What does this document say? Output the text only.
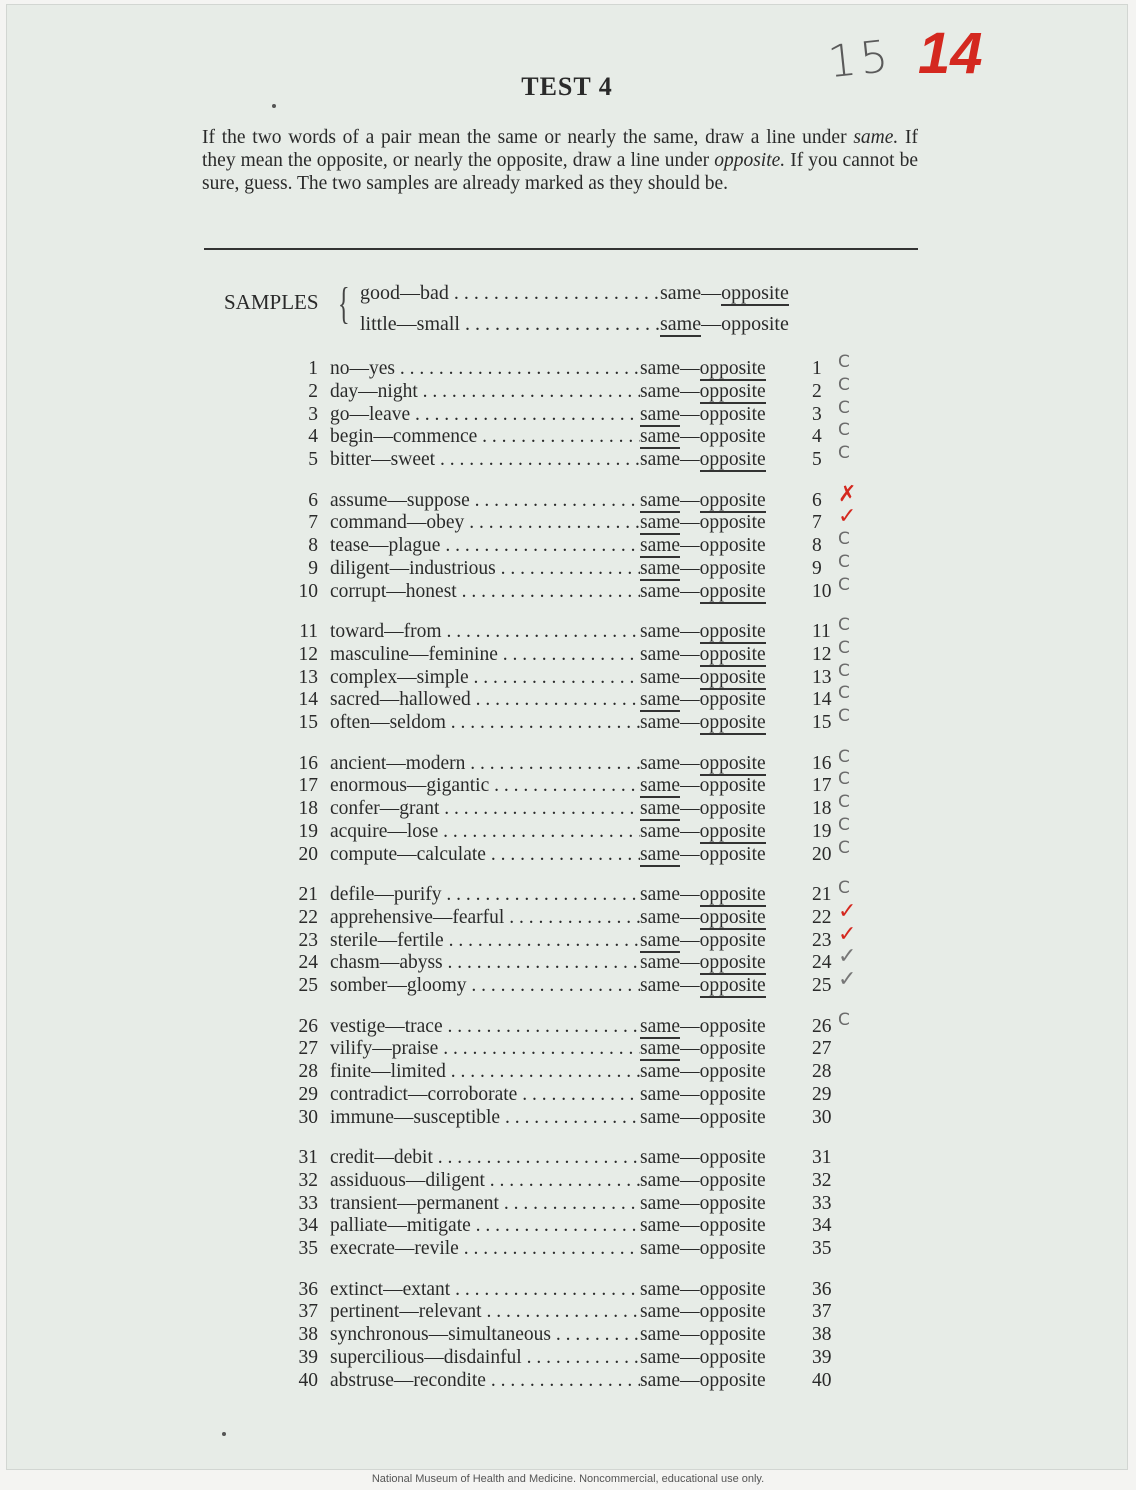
15 14
TEST 4
If the two words of a pair mean the same or nearly the same, draw a line under same. If they mean the opposite, or nearly the opposite, draw a line under opposite. If you cannot be sure, guess. The two samples are already marked as they should be.
SAMPLES { good—bad . . .	same—opposite
little—small . . .	same—opposite
1 no—yes . . .	same—opposite 1 C
2 day—night . . .	same—opposite 2 C
3 go—leave . . .	same—opposite 3 C
4 begin—commence . . .	same—opposite 4 C
5 bitter—sweet . . .	same—opposite 5 C
6 assume—suppose . . .	same—opposite 6 ✗
7 command—obey . . .	same—opposite 7 ✓
8 tease—plague . . .	same—opposite 8 C
9 diligent—industrious . . .	same—opposite 9 C
10 corrupt—honest . . .	same—opposite 10 C
11 toward—from . . .	same—opposite 11 C
12 masculine—feminine . . .	same—opposite 12 C
13 complex—simple . . .	same—opposite 13 C
14 sacred—hallowed . . .	same—opposite 14 C
15 often—seldom . . .	same—opposite 15 C
16 ancient—modern . . .	same—opposite 16 C
17 enormous—gigantic . . .	same—opposite 17 C
18 confer—grant . . .	same—opposite 18 C
19 acquire—lose . . .	same—opposite 19 C
20 compute—calculate . . .	same—opposite 20 C
21 defile—purify . . .	same—opposite 21 C
22 apprehensive—fearful . . .	same—opposite 22 ✓
23 sterile—fertile . . .	same—opposite 23 ✓
24 chasm—abyss . . .	same—opposite 24 ✓
25 somber—gloomy . . .	same—opposite 25 ✓
26 vestige—trace . . .	same—opposite 26 C
27 vilify—praise . . .	same—opposite 27
28 finite—limited . . .	same—opposite 28
29 contradict—corroborate . . .	same—opposite 29
30 immune—susceptible . . .	same—opposite 30
31 credit—debit . . .	same—opposite 31
32 assiduous—diligent . . .	same—opposite 32
33 transient—permanent . . .	same—opposite 33
34 palliate—mitigate . . .	same—opposite 34
35 execrate—revile . . .	same—opposite 35
36 extinct—extant . . .	same—opposite 36
37 pertinent—relevant . . .	same—opposite 37
38 synchronous—simultaneous . . .	same—opposite 38
39 supercilious—disdainful . . .	same—opposite 39
40 abstruse—recondite . . .	same—opposite 40
National Museum of Health and Medicine. Noncommercial, educational use only.
